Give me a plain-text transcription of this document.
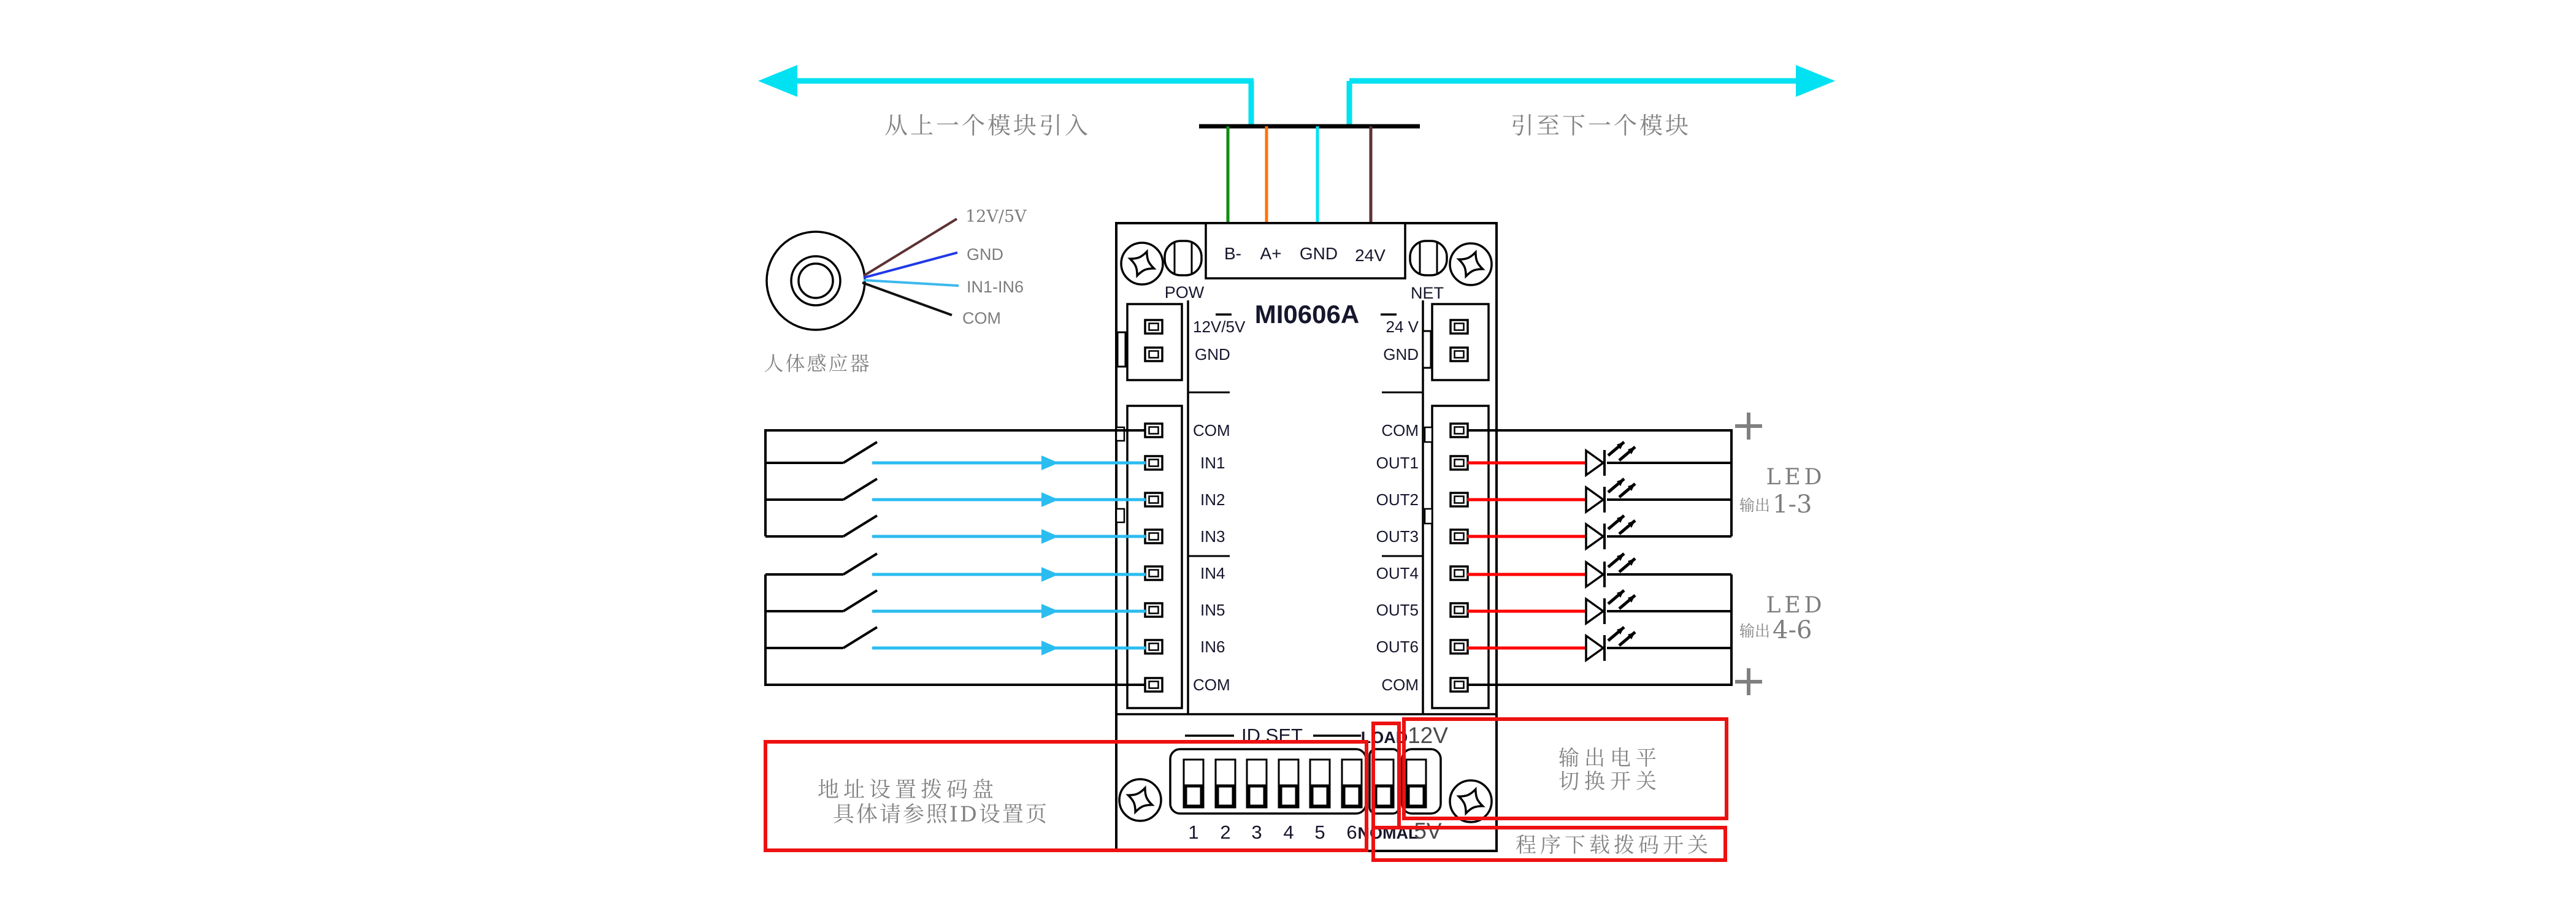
从上一个模块引入	引至下一个模块
B- A+ GND 24V
POW	NET
MI0606A
12V/5V
GND
24 V
GND
COM
IN1
IN2
IN3
IN4
IN5
IN6
COM
COM
OUT1
OUT2
OUT3
OUT4
OUT5
OUT6
COM
12V/5V
GND
IN1-IN6
COM
人体感应器
LED
输出 1-3
LED
输出 4-6
ID SET
1 2 3 4 5 6
LOAD
NOMAL
12V
5V
地址设置拨码盘
具体请参照ID设置页
输出电平
切换开关
程序下载拨码开关
